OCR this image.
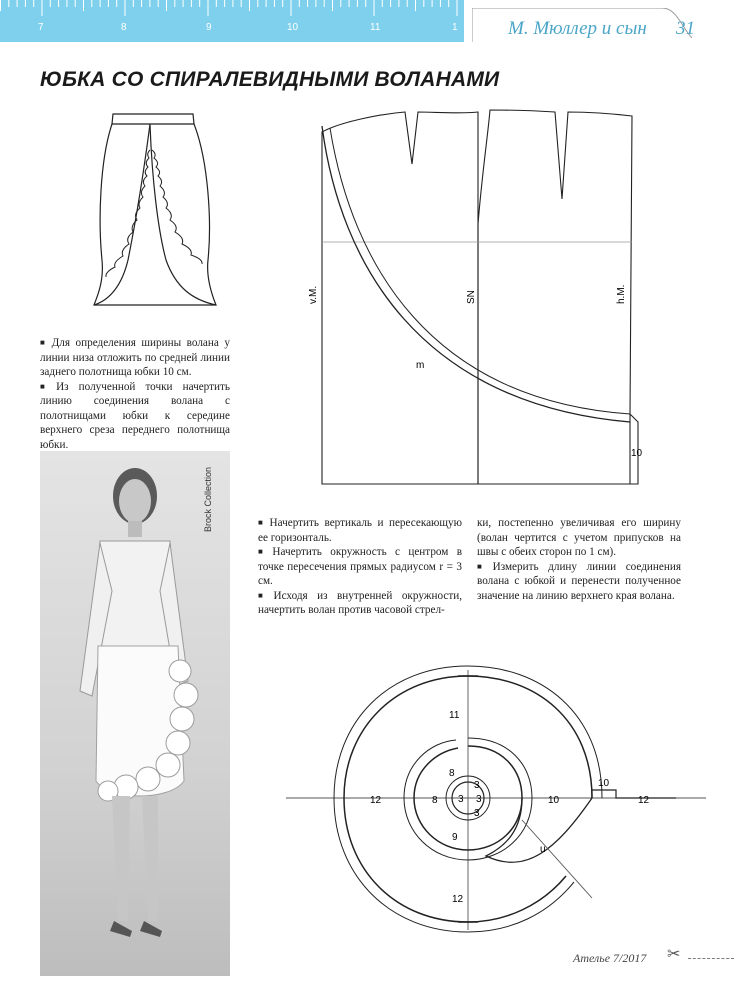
7	8	9	10	11	1	М. Мюллер и сын 31
ЮБКА СО СПИРАЛЕВИДНЫМИ ВОЛАНАМИ

■ Для определения ширины волана у линии низа отложить по средней линии заднего полотнища юбки 10 см.

■ Из полученной точки начертить линию соединения волана с полотнищами юбки к середине верхнего среза переднего полотнища юбки.

v.M.	SN	h.M.
m
10
Brock Collection	■ Начертить вертикаль и пересекающую ее горизонталь.

■ Начертить окружность с центром в точке пересечения прямых радиусом r = 3 см.

■ Исходя из внутренней окружности, начертить волан против часовой стрел-

ки, постепенно увеличивая его ширину (волан чертится с учетом припусков на швы с обеих сторон по 1 см).

■ Измерить длину линии соединения волана с юбкой и перенести полученное значение на линию верхнего края волана.

11
12	8
8
3
3 3
3
10	12
10
9
12
u
Ателье 7/2017 ✂
